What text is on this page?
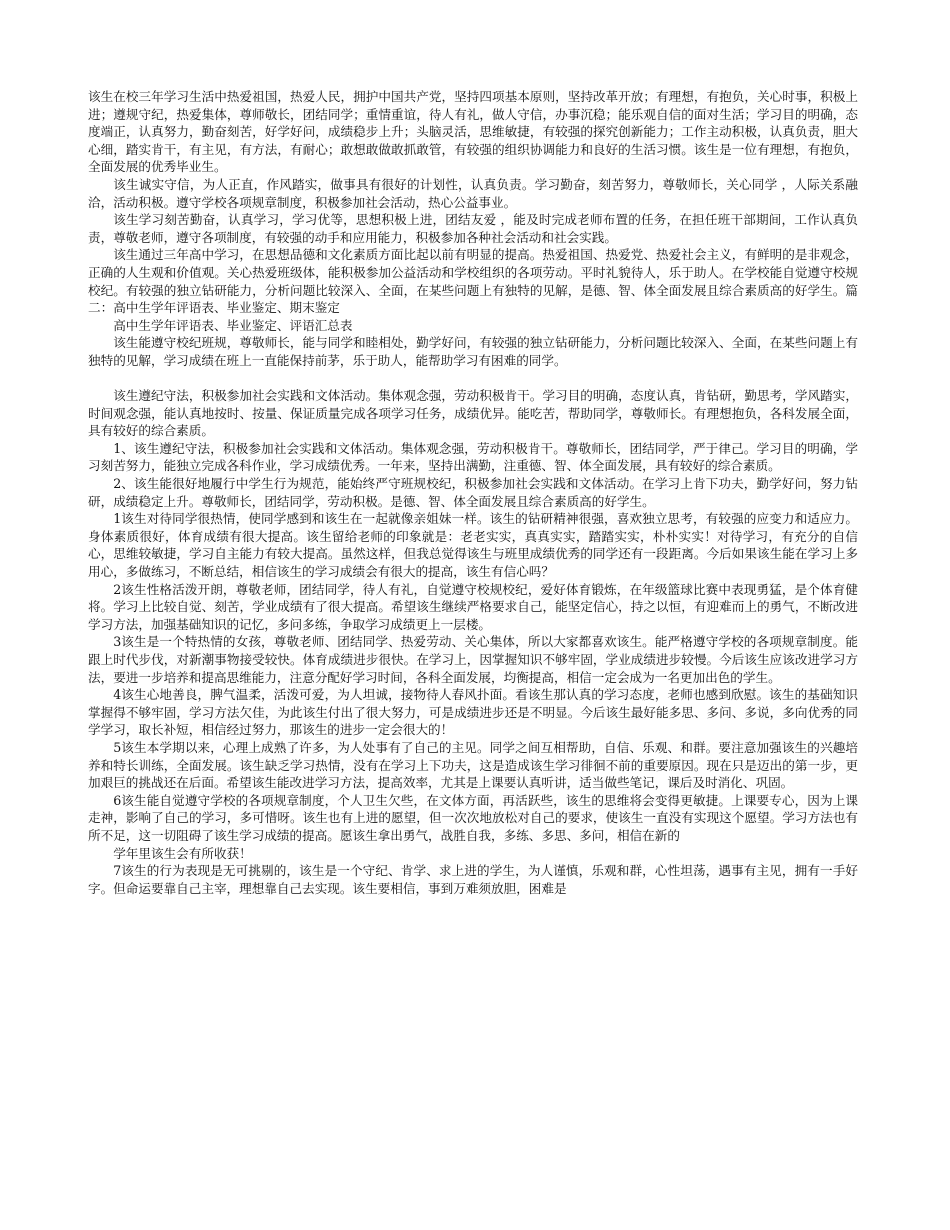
该生在校三年学习生活中热爱祖国，热爱人民，拥护中国共产党，坚持四项基本原则，坚持改革开放；有理想，有抱负，关心时事，积极上进；遵规守纪，热爱集体，尊师敬长，团结同学；重情重谊，待人有礼，做人守信，办事沉稳；能乐观自信的面对生活；学习目的明确，态度端正，认真努力，勤奋刻苦，好学好问，成绩稳步上升；头脑灵活，思维敏捷，有较强的探究创新能力；工作主动积极，认真负责，胆大心细，踏实肯干，有主见，有方法，有耐心；敢想敢做敢抓敢管，有较强的组织协调能力和良好的生活习惯。该生是一位有理想，有抱负，全面发展的优秀毕业生。

该生诚实守信，为人正直，作风踏实，做事具有很好的计划性，认真负责。学习勤奋，刻苦努力，尊敬师长，关心同学 ，人际关系融洽，活动积极。遵守学校各项规章制度，积极参加社会活动，热心公益事业。

该生学习刻苦勤奋，认真学习，学习优等，思想积极上进，团结友爱 ，能及时完成老师布置的任务，在担任班干部期间，工作认真负责，尊敬老师，遵守各项制度，有较强的动手和应用能力，积极参加各种社会活动和社会实践。

该生通过三年高中学习，在思想品德和文化素质方面比起以前有明显的提高。热爱祖国、热爱党、热爱社会主义，有鲜明的是非观念，正确的人生观和价值观。关心热爱班级体，能积极参加公益活动和学校组织的各项劳动。平时礼貌待人，乐于助人。在学校能自觉遵守校规校纪。有较强的独立钻研能力，分析问题比较深入、全面，在某些问题上有独特的见解，是德、智、体全面发展且综合素质高的好学生。篇二：高中生学年评语表、毕业鉴定、期末鉴定

高中生学年评语表、毕业鉴定、评语汇总表

该生能遵守校纪班规，尊敬师长，能与同学和睦相处，勤学好问，有较强的独立钻研能力，分析问题比较深入、全面，在某些问题上有独特的见解，学习成绩在班上一直能保持前茅，乐于助人，能帮助学习有困难的同学。

该生遵纪守法，积极参加社会实践和文体活动。集体观念强，劳动积极肯干。学习目的明确，态度认真，肯钻研，勤思考，学风踏实，时间观念强，能认真地按时、按量、保证质量完成各项学习任务，成绩优异。能吃苦，帮助同学，尊敬师长。有理想抱负，各科发展全面，具有较好的综合素质。

1、该生遵纪守法，积极参加社会实践和文体活动。集体观念强，劳动积极肯干。尊敬师长，团结同学，严于律己。学习目的明确，学习刻苦努力，能独立完成各科作业，学习成绩优秀。一年来，坚持出满勤，注重德、智、体全面发展，具有较好的综合素质。

2、该生能很好地履行中学生行为规范，能始终严守班规校纪，积极参加社会实践和文体活动。在学习上肯下功夫，勤学好问，努力钻研，成绩稳定上升。尊敬师长，团结同学，劳动积极。是德、智、体全面发展且综合素质高的好学生。

1该生对待同学很热情，使同学感到和该生在一起就像亲姐妹一样。该生的钻研精神很强，喜欢独立思考，有较强的应变力和适应力。身体素质很好，体育成绩有很大提高。该生留给老师的印象就是：老老实实，真真实实，踏踏实实，朴朴实实！对待学习，有充分的自信心，思维较敏捷，学习自主能力有较大提高。虽然这样，但我总觉得该生与班里成绩优秀的同学还有一段距离。今后如果该生能在学习上多用心，多做练习，不断总结，相信该生的学习成绩会有很大的提高，该生有信心吗？

2该生性格活泼开朗，尊敬老师，团结同学，待人有礼，自觉遵守校规校纪，爱好体育锻炼，在年级篮球比赛中表现勇猛，是个体育健将。学习上比较自觉、刻苦，学业成绩有了很大提高。希望该生继续严格要求自己，能坚定信心，持之以恒，有迎难而上的勇气，不断改进学习方法，加强基础知识的记忆，多问多练，争取学习成绩更上一层楼。

3该生是一个特热情的女孩，尊敬老师、团结同学、热爱劳动、关心集体，所以大家都喜欢该生。能严格遵守学校的各项规章制度。能跟上时代步伐，对新潮事物接受较快。体育成绩进步很快。在学习上，因掌握知识不够牢固，学业成绩进步较慢。今后该生应该改进学习方法，要进一步培养和提高思维能力，注意分配好学习时间，各科全面发展，均衡提高，相信一定会成为一名更加出色的学生。

4该生心地善良，脾气温柔，活泼可爱，为人坦诚，接物待人春风扑面。看该生那认真的学习态度，老师也感到欣慰。该生的基础知识掌握得不够牢固，学习方法欠佳，为此该生付出了很大努力，可是成绩进步还是不明显。今后该生最好能多思、多问、多说，多向优秀的同学学习，取长补短，相信经过努力，那该生的进步一定会很大的！

5该生本学期以来，心理上成熟了许多，为人处事有了自己的主见。同学之间互相帮助，自信、乐观、和群。要注意加强该生的兴趣培养和特长训练，全面发展。该生缺乏学习热情，没有在学习上下功夫，这是造成该生学习徘徊不前的重要原因。现在只是迈出的第一步，更加艰巨的挑战还在后面。希望该生能改进学习方法，提高效率，尤其是上课要认真听讲，适当做些笔记，课后及时消化、巩固。

6该生能自觉遵守学校的各项规章制度，个人卫生欠些，在文体方面，再活跃些，该生的思维将会变得更敏捷。上课要专心，因为上课走神，影响了自己的学习，多可惜呀。该生也有上进的愿望，但一次次地放松对自己的要求，使该生一直没有实现这个愿望。学习方法也有所不足，这一切阻碍了该生学习成绩的提高。愿该生拿出勇气，战胜自我，多练、多思、多问，相信在新的

学年里该生会有所收获！

7该生的行为表现是无可挑剔的，该生是一个守纪、肯学、求上进的学生，为人谨慎，乐观和群，心性坦荡，遇事有主见，拥有一手好字。但命运要靠自己主宰，理想靠自己去实现。该生要相信，事到万难须放胆，困难是
